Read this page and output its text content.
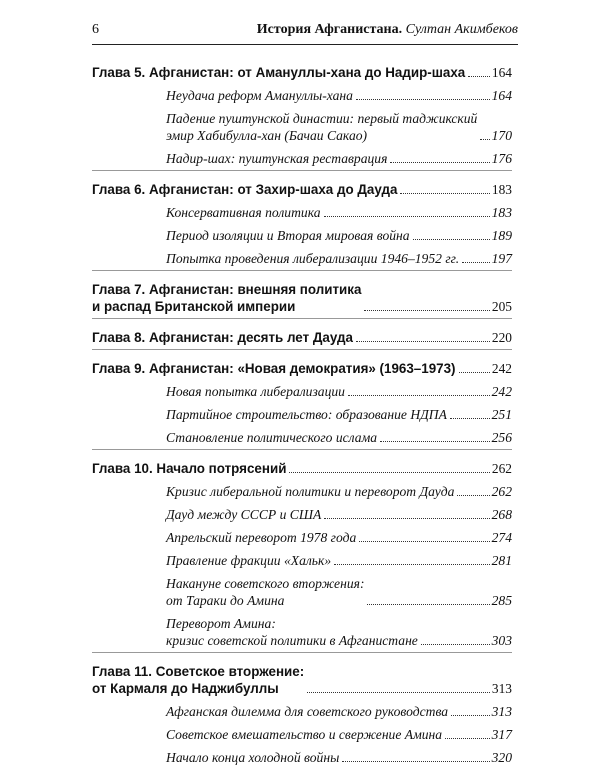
6	История Афганистана. Султан Акимбеков
Глава 5. Афганистан: от Амануллы-хана до Надир-шаха 164
Неудача реформ Амануллы-хана	164
Падение пуштунской династии: первый таджикский
эмир Хабибулла-хан (Бачаи Сакао)	170
Надир-шах: пуштунская реставрация	176
Глава 6. Афганистан: от Захир-шаха до Дауда	183
Консервативная политика	183
Период изоляции и Вторая мировая война	189
Попытка проведения либерализации 1946–1952 гг. 197
Глава 7. Афганистан: внешняя политика
и распад Британской империи	205
Глава 8. Афганистан: десять лет Дауда	220
Глава 9. Афганистан: «Новая демократия» (1963–1973)	242
Новая попытка либерализации	242
Партийное строительство: образование НДПА	251
Становление политического ислама	256
Глава 10. Начало потрясений	262
Кризис либеральной политики и переворот Дауда	262
Дауд между СССР и США	268
Апрельский переворот 1978 года	274
Правление фракции «Хальк»	281
Накануне советского вторжения:
от Тараки до Амина	285
Переворот Амина:
кризис советской политики в Афганистане	303
Глава 11. Советское вторжение:
от Кармаля до Наджибуллы	313
Афганская дилемма для советского руководства	313
Советское вмешательство и свержение Амина	317
Начало конца холодной войны	320
